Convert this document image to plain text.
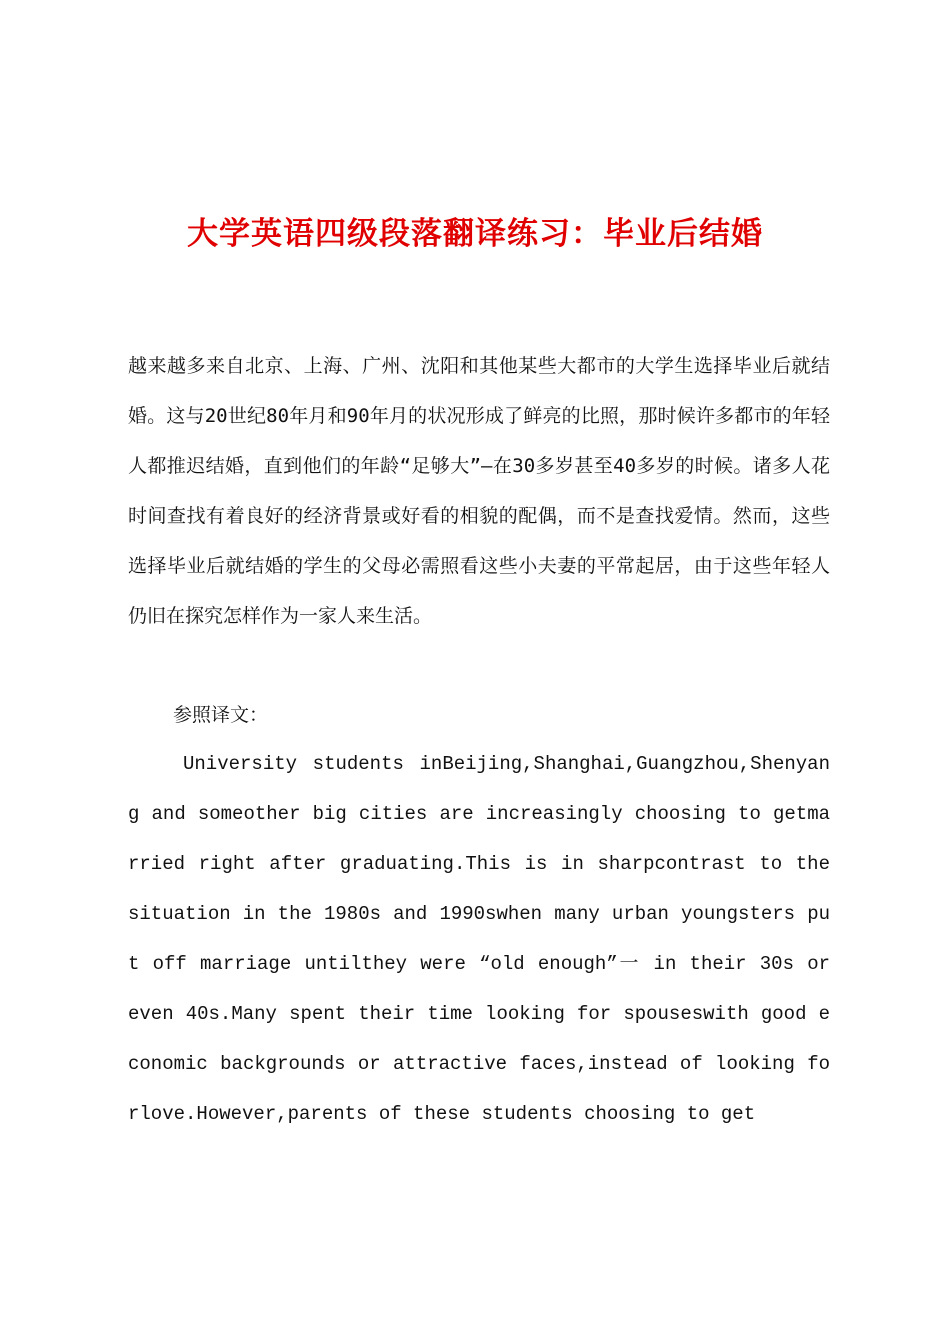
大学英语四级段落翻译练习：毕业后结婚
越来越多来自北京、上海、广州、沈阳和其他某些大都市的大学生选择毕业后就结婚。这与20世纪80年月和90年月的状况形成了鲜亮的比照，那时候许多都市的年轻人都推迟结婚，直到他们的年龄“足够大”—在30多岁甚至40多岁的时候。诸多人花时间查找有着良好的经济背景或好看的相貌的配偶，而不是查找爱情。然而，这些选择毕业后就结婚的学生的父母必需照看这些小夫妻的平常起居，由于这些年轻人仍旧在探究怎样作为一家人来生活。
参照译文：
University students inBeijing,Shanghai,Guangzhou,Shenyang and someother big cities are increasingly choosing to getmarried right after graduating.This is in sharpcontrast to the situation in the 1980s and 1990swhen many urban youngsters put off marriage untilthey were “old enough”一 in their 30s or even 40s.Many spent their time looking for spouseswith good economic backgrounds or attractive faces,instead of looking forlove.However,parents of these students choosing to get
